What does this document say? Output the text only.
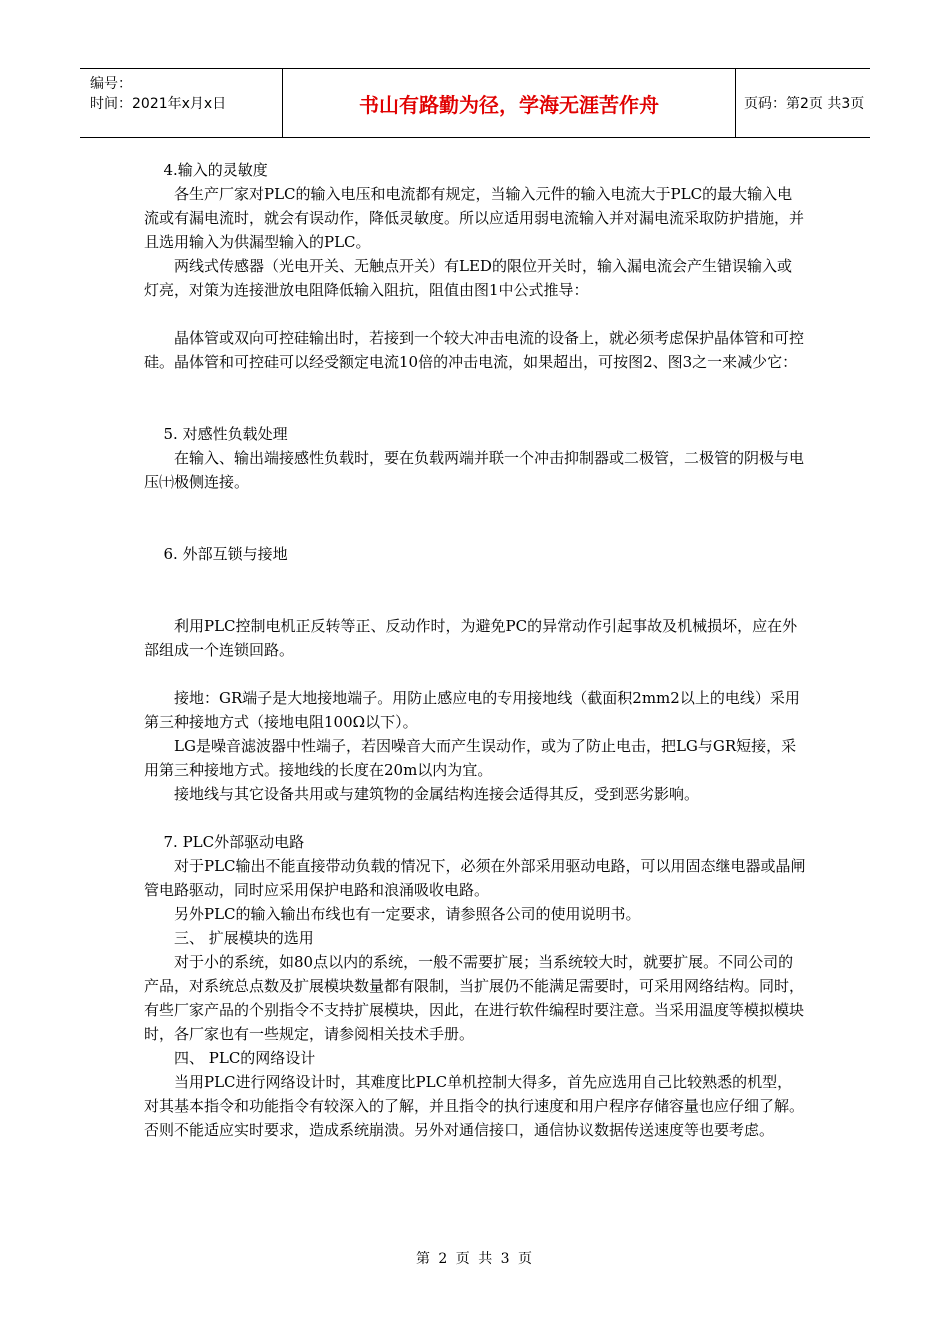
编号：
时间：2021年x月x日	书山有路勤为径，学海无涯苦作舟	页码：第2页 共3页

4.输入的灵敏度

各生产厂家对PLC的输入电压和电流都有规定，当输入元件的输入电流大于PLC的最大输入电流或有漏电流时，就会有误动作，降低灵敏度。所以应适用弱电流输入并对漏电流采取防护措施，并且选用输入为供漏型输入的PLC。

两线式传感器（光电开关、无触点开关）有LED的限位开关时，输入漏电流会产生错误输入或灯亮，对策为连接泄放电阻降低输入阻抗，阻值由图1中公式推导：

晶体管或双向可控硅输出时，若接到一个较大冲击电流的设备上，就必须考虑保护晶体管和可控硅。晶体管和可控硅可以经受额定电流10倍的冲击电流，如果超出，可按图2、图3之一来减少它：

5. 对感性负载处理

在输入、输出端接感性负载时，要在负载两端并联一个冲击抑制器或二极管，二极管的阴极与电压㈩极侧连接。

6. 外部互锁与接地

利用PLC控制电机正反转等正、反动作时，为避免PC的异常动作引起事故及机械损坏，应在外部组成一个连锁回路。

接地：GR端子是大地接地端子。用防止感应电的专用接地线（截面积2mm2以上的电线）采用第三种接地方式（接地电阻100Ω以下）。

LG是噪音滤波器中性端子，若因噪音大而产生误动作，或为了防止电击，把LG与GR短接，采用第三种接地方式。接地线的长度在20m以内为宜。

接地线与其它设备共用或与建筑物的金属结构连接会适得其反，受到恶劣影响。

7. PLC外部驱动电路

对于PLC输出不能直接带动负载的情况下，必须在外部采用驱动电路，可以用固态继电器或晶闸管电路驱动，同时应采用保护电路和浪涌吸收电路。

另外PLC的输入输出布线也有一定要求，请参照各公司的使用说明书。

三、 扩展模块的选用

对于小的系统，如80点以内的系统，一般不需要扩展；当系统较大时，就要扩展。不同公司的产品，对系统总点数及扩展模块数量都有限制，当扩展仍不能满足需要时，可采用网络结构。同时，有些厂家产品的个别指令不支持扩展模块，因此，在进行软件编程时要注意。当采用温度等模拟模块时，各厂家也有一些规定，请参阅相关技术手册。

四、 PLC的网络设计

当用PLC进行网络设计时，其难度比PLC单机控制大得多，首先应选用自己比较熟悉的机型，对其基本指令和功能指令有较深入的了解，并且指令的执行速度和用户程序存储容量也应仔细了解。否则不能适应实时要求，造成系统崩溃。另外对通信接口，通信协议数据传送速度等也要考虑。

第 2 页 共 3 页
